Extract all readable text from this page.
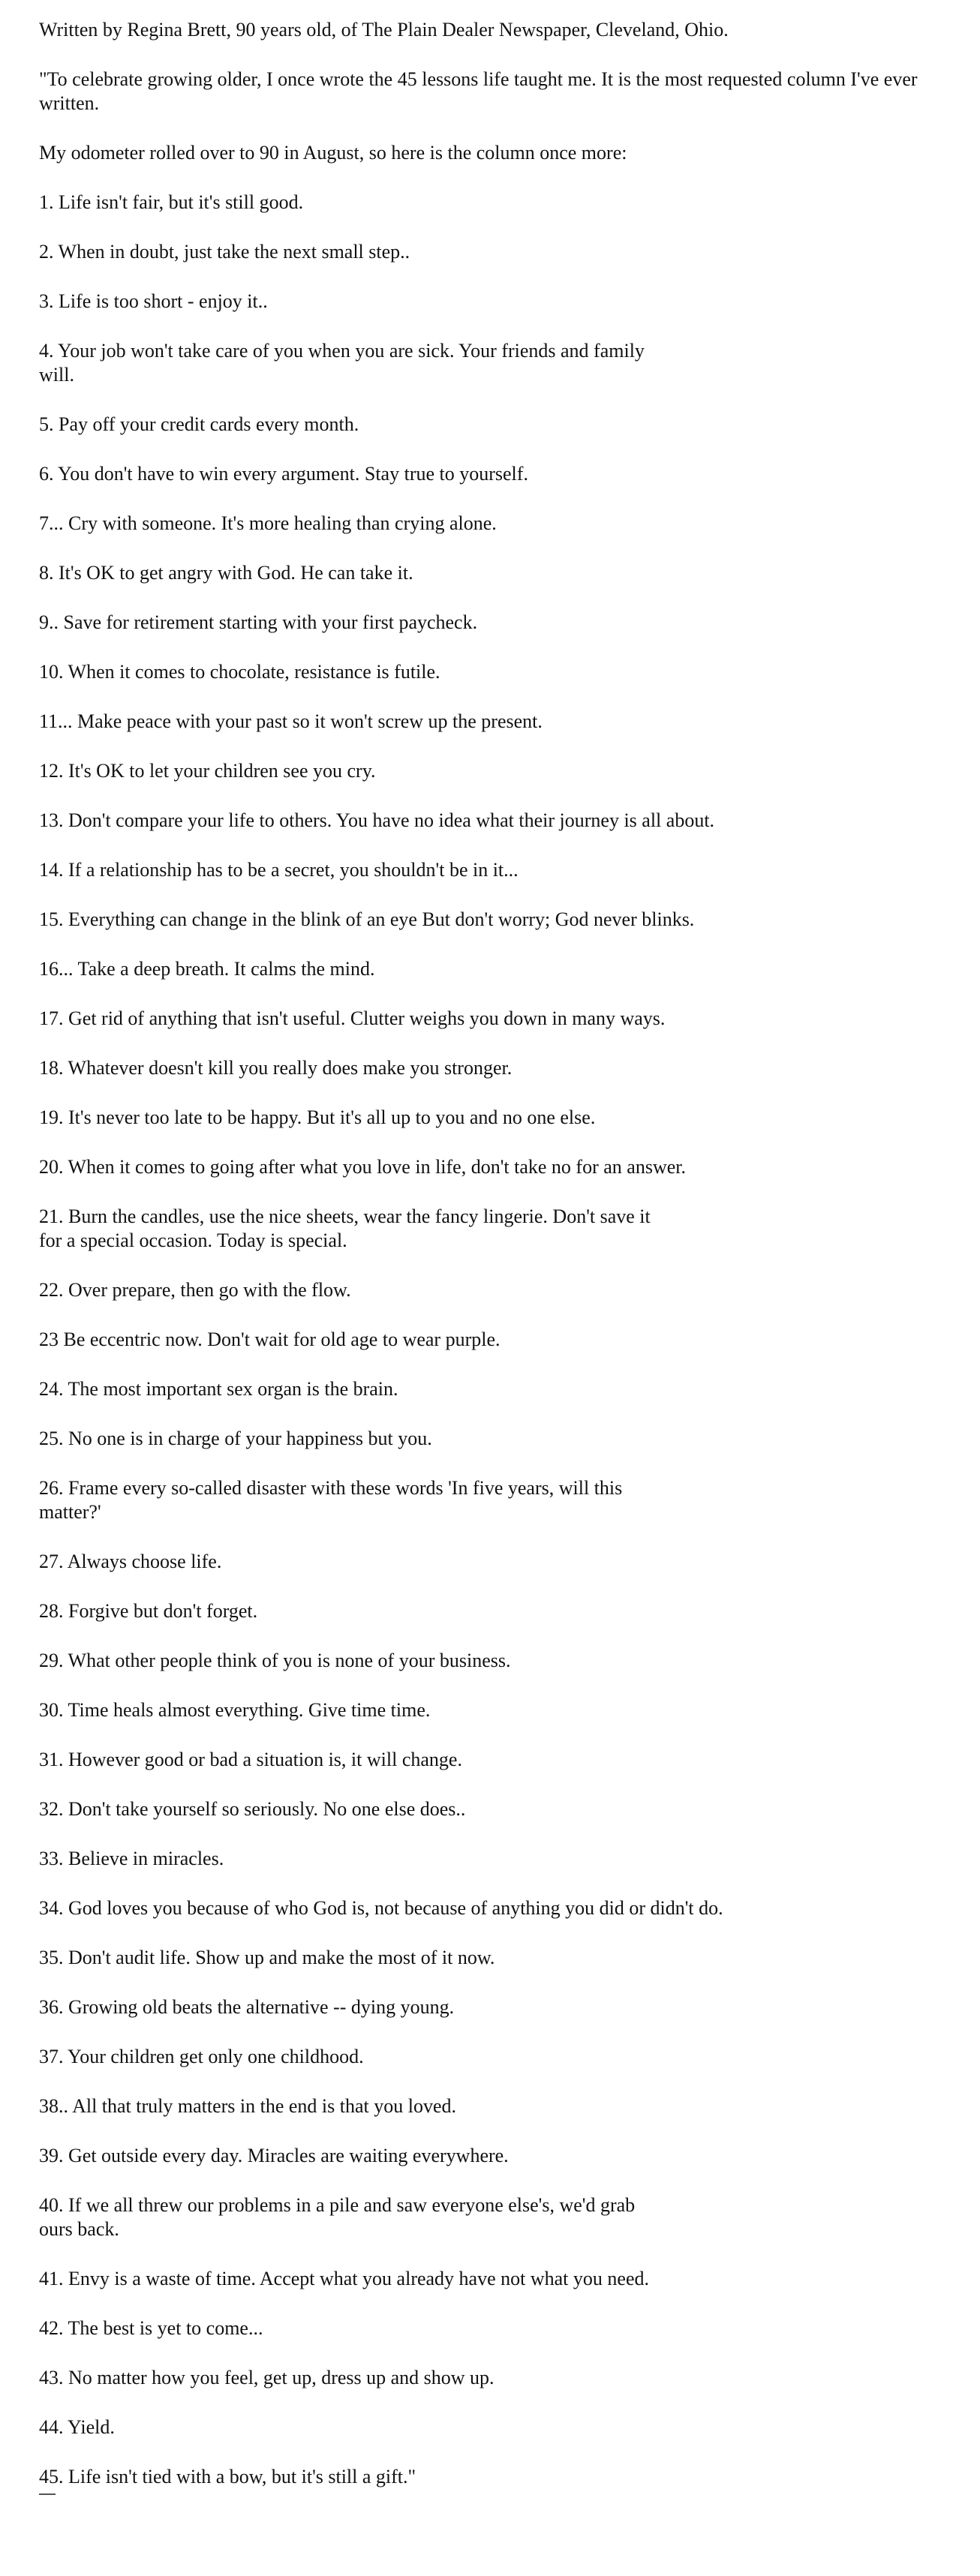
Written by Regina Brett, 90 years old, of The Plain Dealer Newspaper, Cleveland, Ohio.

"To celebrate growing older, I once wrote the 45 lessons life taught me. It is the most requested column I've ever written.

My odometer rolled over to 90 in August, so here is the column once more:

1. Life isn't fair, but it's still good.

2. When in doubt, just take the next small step..

3. Life is too short - enjoy it..

4. Your job won't take care of you when you are sick. Your friends and family will.

5. Pay off your credit cards every month.

6. You don't have to win every argument. Stay true to yourself.

7... Cry with someone. It's more healing than crying alone.

8. It's OK to get angry with God. He can take it.

9.. Save for retirement starting with your first paycheck.

10. When it comes to chocolate, resistance is futile.

11... Make peace with your past so it won't screw up the present.

12. It's OK to let your children see you cry.

13. Don't compare your life to others. You have no idea what their journey is all about.

14. If a relationship has to be a secret, you shouldn't be in it...

15. Everything can change in the blink of an eye But don't worry; God never blinks.

16... Take a deep breath. It calms the mind.

17. Get rid of anything that isn't useful. Clutter weighs you down in many ways.

18. Whatever doesn't kill you really does make you stronger.

19. It's never too late to be happy. But it's all up to you and no one else.

20. When it comes to going after what you love in life, don't take no for an answer.

21. Burn the candles, use the nice sheets, wear the fancy lingerie. Don't save it for a special occasion. Today is special.

22. Over prepare, then go with the flow.

23 Be eccentric now. Don't wait for old age to wear purple.

24. The most important sex organ is the brain.

25. No one is in charge of your happiness but you.

26. Frame every so-called disaster with these words 'In five years, will this matter?'

27. Always choose life.

28. Forgive but don't forget.

29. What other people think of you is none of your business.

30. Time heals almost everything. Give time time.

31. However good or bad a situation is, it will change.

32. Don't take yourself so seriously. No one else does..

33. Believe in miracles.

34. God loves you because of who God is, not because of anything you did or didn't do.

35. Don't audit life. Show up and make the most of it now.

36. Growing old beats the alternative -- dying young.

37. Your children get only one childhood.

38.. All that truly matters in the end is that you loved.

39. Get outside every day. Miracles are waiting everywhere.

40. If we all threw our problems in a pile and saw everyone else's, we'd grab ours back.

41. Envy is a waste of time. Accept what you already have not what you need.

42. The best is yet to come...

43. No matter how you feel, get up, dress up and show up.

44. Yield.

45. Life isn't tied with a bow, but it's still a gift."
